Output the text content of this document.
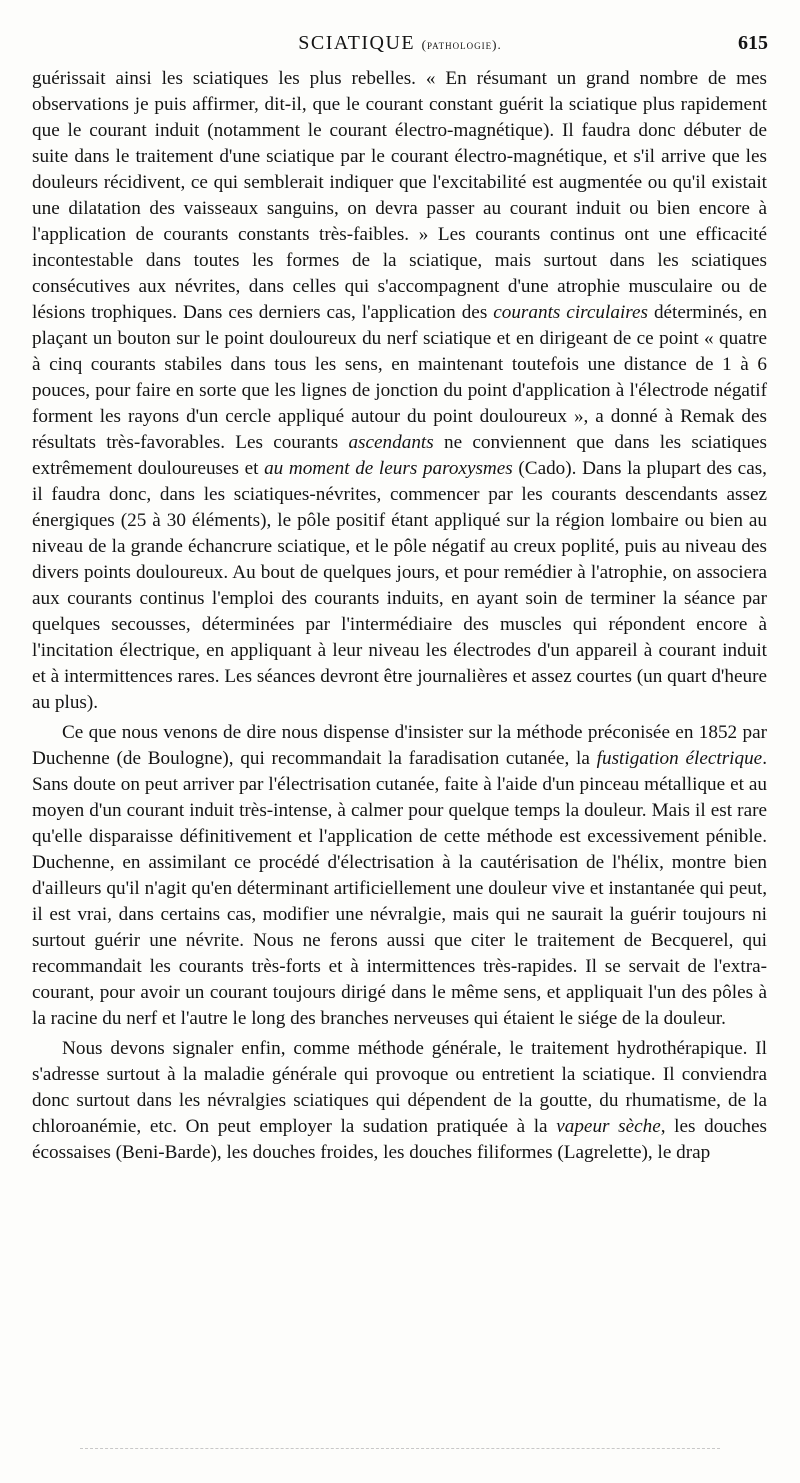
SCIATIQUE (pathologie).	615

guérissait ainsi les sciatiques les plus rebelles. « En résumant un grand nombre de mes observations je puis affirmer, dit-il, que le courant constant guérit la sciatique plus rapidement que le courant induit (notamment le courant électro-magnétique). Il faudra donc débuter de suite dans le traitement d'une sciatique par le courant électro-magnétique, et s'il arrive que les douleurs récidivent, ce qui semblerait indiquer que l'excitabilité est augmentée ou qu'il existait une dilatation des vaisseaux sanguins, on devra passer au courant induit ou bien encore à l'application de courants constants très-faibles. » Les courants continus ont une efficacité incontestable dans toutes les formes de la sciatique, mais surtout dans les sciatiques consécutives aux névrites, dans celles qui s'accompagnent d'une atrophie musculaire ou de lésions trophiques. Dans ces derniers cas, l'application des courants circulaires déterminés, en plaçant un bouton sur le point douloureux du nerf sciatique et en dirigeant de ce point « quatre à cinq courants stabiles dans tous les sens, en maintenant toutefois une distance de 1 à 6 pouces, pour faire en sorte que les lignes de jonction du point d'application à l'électrode négatif forment les rayons d'un cercle appliqué autour du point douloureux », a donné à Remak des résultats très-favorables. Les courants ascendants ne conviennent que dans les sciatiques extrêmement douloureuses et au moment de leurs paroxysmes (Cado). Dans la plupart des cas, il faudra donc, dans les sciatiques-névrites, commencer par les courants descendants assez énergiques (25 à 30 éléments), le pôle positif étant appliqué sur la région lombaire ou bien au niveau de la grande échancrure sciatique, et le pôle négatif au creux poplité, puis au niveau des divers points douloureux. Au bout de quelques jours, et pour remédier à l'atrophie, on associera aux courants continus l'emploi des courants induits, en ayant soin de terminer la séance par quelques secousses, déterminées par l'intermédiaire des muscles qui répondent encore à l'incitation électrique, en appliquant à leur niveau les électrodes d'un appareil à courant induit et à intermittences rares. Les séances devront être journalières et assez courtes (un quart d'heure au plus).

Ce que nous venons de dire nous dispense d'insister sur la méthode préconisée en 1852 par Duchenne (de Boulogne), qui recommandait la faradisation cutanée, la fustigation électrique. Sans doute on peut arriver par l'électrisation cutanée, faite à l'aide d'un pinceau métallique et au moyen d'un courant induit très-intense, à calmer pour quelque temps la douleur. Mais il est rare qu'elle disparaisse définitivement et l'application de cette méthode est excessivement pénible. Duchenne, en assimilant ce procédé d'électrisation à la cautérisation de l'hélix, montre bien d'ailleurs qu'il n'agit qu'en déterminant artificiellement une douleur vive et instantanée qui peut, il est vrai, dans certains cas, modifier une névralgie, mais qui ne saurait la guérir toujours ni surtout guérir une névrite. Nous ne ferons aussi que citer le traitement de Becquerel, qui recommandait les courants très-forts et à intermittences très-rapides. Il se servait de l'extra-courant, pour avoir un courant toujours dirigé dans le même sens, et appliquait l'un des pôles à la racine du nerf et l'autre le long des branches nerveuses qui étaient le siége de la douleur.

Nous devons signaler enfin, comme méthode générale, le traitement hydrothérapique. Il s'adresse surtout à la maladie générale qui provoque ou entretient la sciatique. Il conviendra donc surtout dans les névralgies sciatiques qui dépendent de la goutte, du rhumatisme, de la chloroanémie, etc. On peut employer la sudation pratiquée à la vapeur sèche, les douches écossaises (Beni-Barde), les douches froides, les douches filiformes (Lagrelette), le drap
